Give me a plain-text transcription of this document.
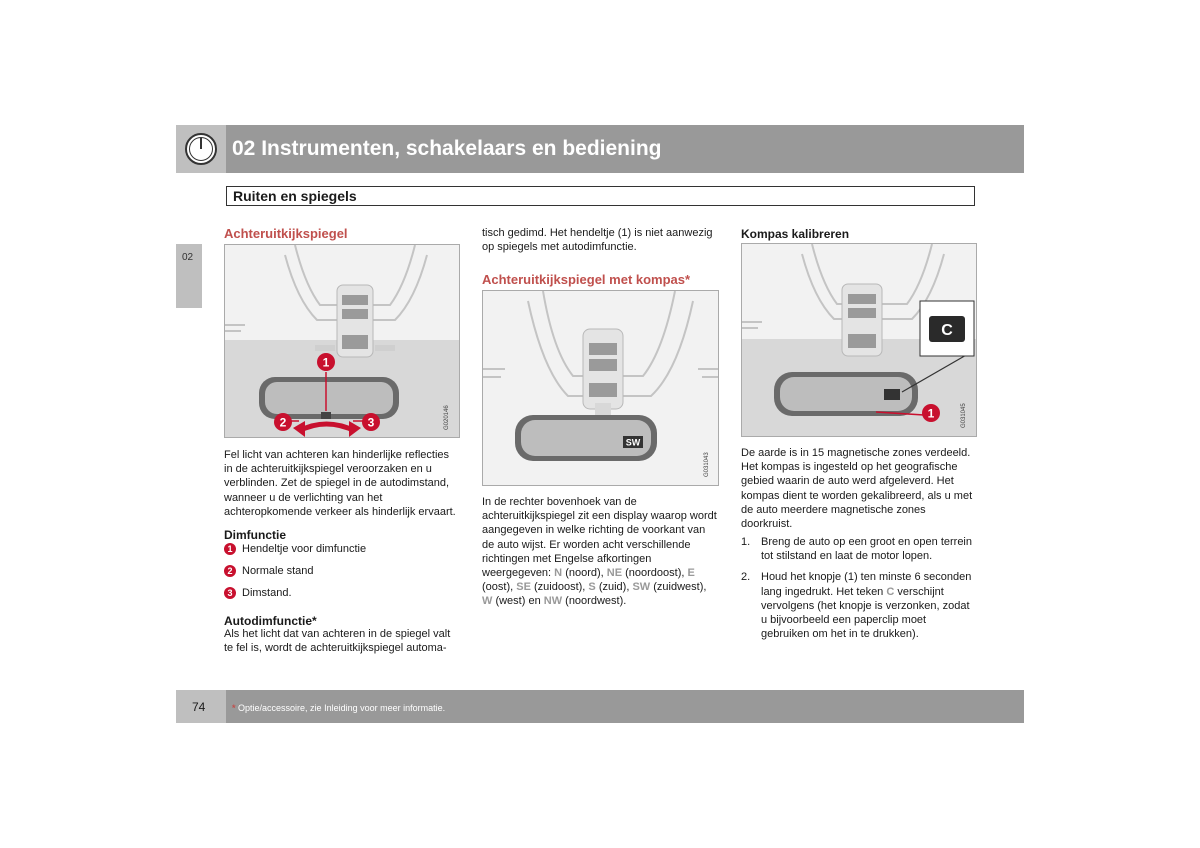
02 Instrumenten, schakelaars en bediening
Ruiten en spiegels
02
Achteruitkijkspiegel
1
2	3	G020146

Fel licht van achteren kan hinderlijke reflecties in de achteruitkijkspiegel veroorzaken en u verblinden. Zet de spiegel in de autodimstand, wanneer u de verlichting van het achteropkomende verkeer als hinderlijk ervaart.

Dimfunctie
1 Hendeltje voor dimfunctie
2 Normale stand
3 Dimstand.
Autodimfunctie*

Als het licht dat van achteren in de spiegel valt te fel is, wordt de achteruitkijkspiegel automa-

tisch gedimd. Het hendeltje (1) is niet aanwezig op spiegels met autodimfunctie.

Achteruitkijkspiegel met kompas*
SW
G031043

In de rechter bovenhoek van de achteruitkijkspiegel zit een display waarop wordt aangegeven in welke richting de voorkant van de auto wijst. Er worden acht verschillende richtingen met Engelse afkortingen weergegeven: N (noord), NE (noordoost), E (oost), SE (zuidoost), S (zuid), SW (zuidwest), W (west) en NW (noordwest).

Kompas kalibreren
C
1	G031045

De aarde is in 15 magnetische zones verdeeld. Het kompas is ingesteld op het geografische gebied waarin de auto werd afgeleverd. Het kompas dient te worden gekalibreerd, als u met de auto meerdere magnetische zones doorkruist.

1. Breng de auto op een groot en open terrein tot stilstand en laat de motor lopen.
2. Houd het knopje (1) ten minste 6 seconden lang ingedrukt. Het teken C verschijnt vervolgens (het knopje is verzonken, zodat u bijvoorbeeld een paperclip moet gebruiken om het in te drukken).
74	* Optie/accessoire, zie Inleiding voor meer informatie.
